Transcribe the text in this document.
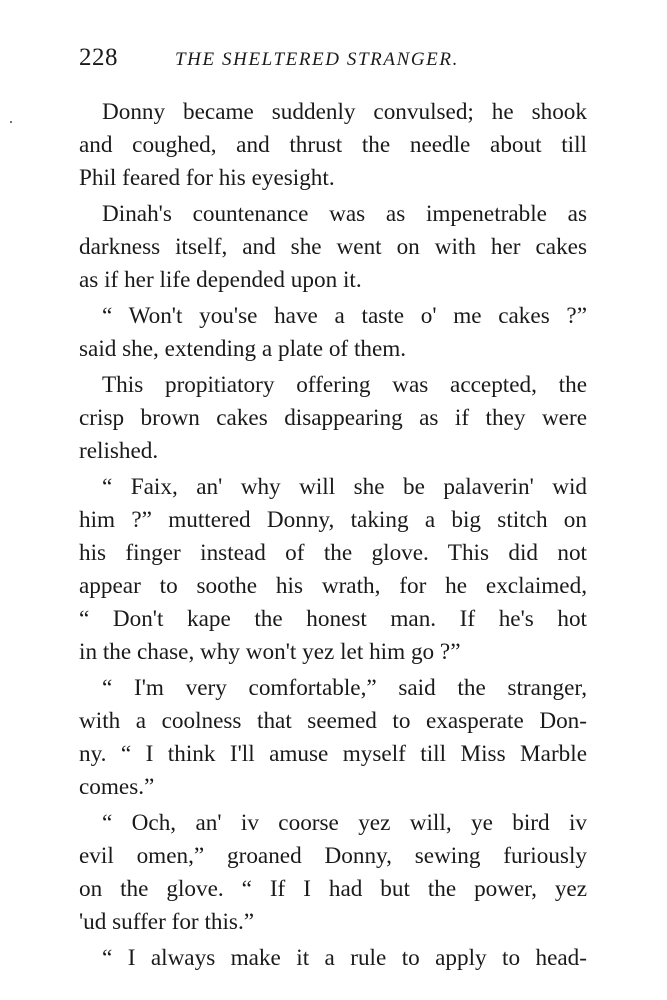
228	THE SHELTERED STRANGER.
Donny became suddenly convulsed; he shook
and coughed, and thrust the needle about till
Phil feared for his eyesight.
Dinah's countenance was as impenetrable as
darkness itself, and she went on with her cakes
as if her life depended upon it.
“ Won't you'se have a taste o' me cakes ?”
said she, extending a plate of them.
This propitiatory offering was accepted, the
crisp brown cakes disappearing as if they were
relished.
“ Faix, an' why will she be palaverin' wid
him ?” muttered Donny, taking a big stitch on
his finger instead of the glove. This did not
appear to soothe his wrath, for he exclaimed,
“ Don't kape the honest man. If he's hot
in the chase, why won't yez let him go ?”
“ I'm very comfortable,” said the stranger,
with a coolness that seemed to exasperate Don-
ny. “ I think I'll amuse myself till Miss Marble
comes.”
“ Och, an' iv coorse yez will, ye bird iv
evil omen,” groaned Donny, sewing furiously
on the glove. “ If I had but the power, yez
'ud suffer for this.”
“ I always make it a rule to apply to head-
